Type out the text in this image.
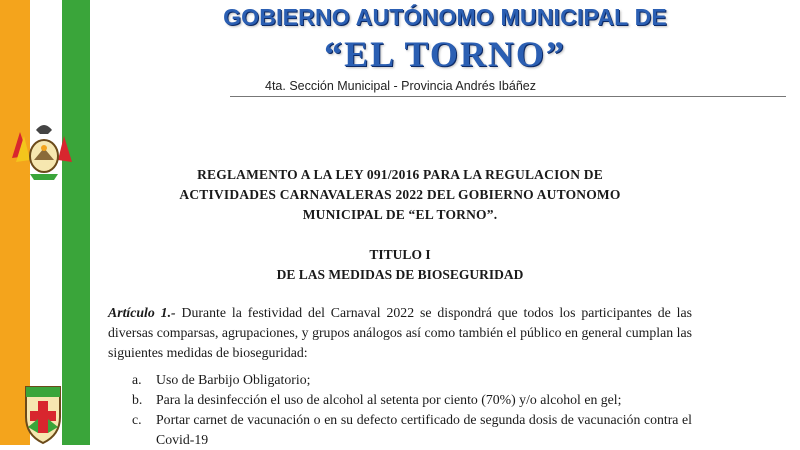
GOBIERNO AUTÓNOMO MUNICIPAL DE
“EL TORNO”
4ta. Sección Municipal - Provincia Andrés Ibáñez
REGLAMENTO A LA LEY 091/2016 PARA LA REGULACION DE
ACTIVIDADES CARNAVALERAS 2022 DEL GOBIERNO AUTONOMO
MUNICIPAL DE “EL TORNO”.
TITULO I
DE LAS MEDIDAS DE BIOSEGURIDAD
Artículo 1.- Durante la festividad del Carnaval 2022 se dispondrá que todos los participantes de las diversas comparsas, agrupaciones, y grupos análogos así como también el público en general cumplan las siguientes medidas de bioseguridad:
a.	Uso de Barbijo Obligatorio;
b. Para la desinfección el uso de alcohol al setenta por ciento (70%) y/o alcohol en gel;
c.	Portar carnet de vacunación o en su defecto certificado de segunda dosis de vacunación contra el Covid-19
